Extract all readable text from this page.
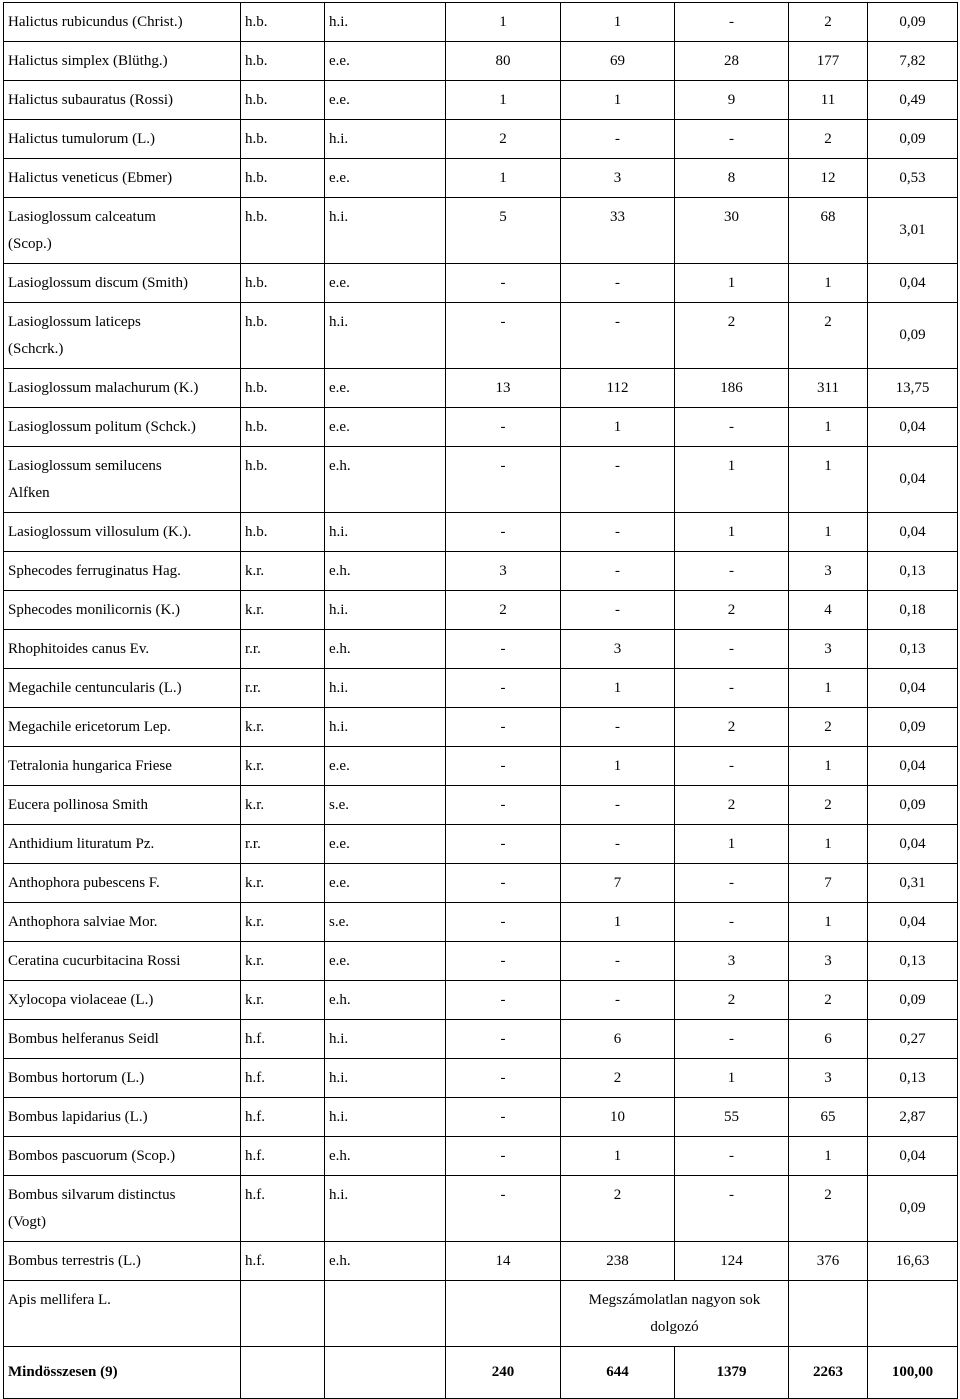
Halictus rubicundus (Christ.)	h.b.	h.i.	1	1	-	2	0,09
Halictus simplex (Blüthg.)	h.b.	e.e.	80	69	28	177	7,82
Halictus subauratus (Rossi)	h.b.	e.e.	1	1	9	11	0,49
Halictus tumulorum (L.)	h.b.	h.i.	2	-	-	2	0,09
Halictus veneticus (Ebmer)	h.b.	e.e.	1	3	8	12	0,53
Lasioglossum calceatum
(Scop.)	h.b.	h.i.	5	33	30	68	3,01
Lasioglossum discum (Smith)	h.b.	e.e.	-	-	1	1	0,04
Lasioglossum laticeps
(Schcrk.)	h.b.	h.i.	-	-	2	2	0,09
Lasioglossum malachurum (K.)	h.b.	e.e.	13	112	186	311	13,75
Lasioglossum politum (Schck.)	h.b.	e.e.	-	1	-	1	0,04
Lasioglossum semilucens
Alfken	h.b.	e.h.	-	-	1	1	0,04
Lasioglossum villosulum (K.).	h.b.	h.i.	-	-	1	1	0,04
Sphecodes ferruginatus Hag.	k.r.	e.h.	3	-	-	3	0,13
Sphecodes monilicornis (K.)	k.r.	h.i.	2	-	2	4	0,18
Rhophitoides canus Ev.	r.r.	e.h.	-	3	-	3	0,13
Megachile centuncularis (L.)	r.r.	h.i.	-	1	-	1	0,04
Megachile ericetorum Lep.	k.r.	h.i.	-	-	2	2	0,09
Tetralonia hungarica Friese	k.r.	e.e.	-	1	-	1	0,04
Eucera pollinosa Smith	k.r.	s.e.	-	-	2	2	0,09
Anthidium lituratum Pz.	r.r.	e.e.	-	-	1	1	0,04
Anthophora pubescens F.	k.r.	e.e.	-	7	-	7	0,31
Anthophora salviae Mor.	k.r.	s.e.	-	1	-	1	0,04
Ceratina cucurbitacina Rossi	k.r.	e.e.	-	-	3	3	0,13
Xylocopa violaceae (L.)	k.r.	e.h.	-	-	2	2	0,09
Bombus helferanus Seidl	h.f.	h.i.	-	6	-	6	0,27
Bombus hortorum (L.)	h.f.	h.i.	-	2	1	3	0,13
Bombus lapidarius (L.)	h.f.	h.i.	-	10	55	65	2,87
Bombos pascuorum (Scop.)	h.f.	e.h.	-	1	-	1	0,04
Bombus silvarum distinctus
(Vogt)	h.f.	h.i.	-	2	-	2	0,09
Bombus terrestris (L.)	h.f.	e.h.	14	238	124	376	16,63
Apis mellifera L.				Megszámolatlan nagyon sok
dolgozó			
Mindösszesen (9)			240	644	1379	2263	100,00
